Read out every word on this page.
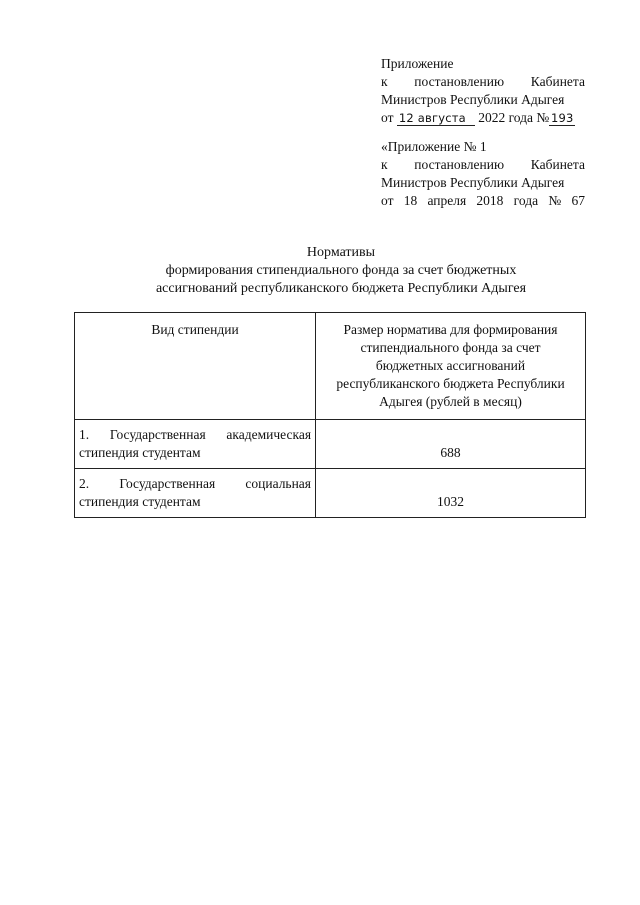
Приложение
к постановлению Кабинета
Министров Республики Адыгея
от 12 августа 2022 года № 193
«Приложение № 1
к постановлению Кабинета
Министров Республики Адыгея
от 18 апреля 2018 года № 67
Нормативы
формирования стипендиального фонда за счет бюджетных
ассигнований республиканского бюджета Республики Адыгея
Вид стипендии	Размер норматива для формирования
стипендиального фонда за счет
бюджетных ассигнований
республиканского бюджета Республики
Адыгея (рублей в месяц)

1. Государственная академическая
стипендия студентам	688

2. Государственная социальная
стипендия студентам	1032
